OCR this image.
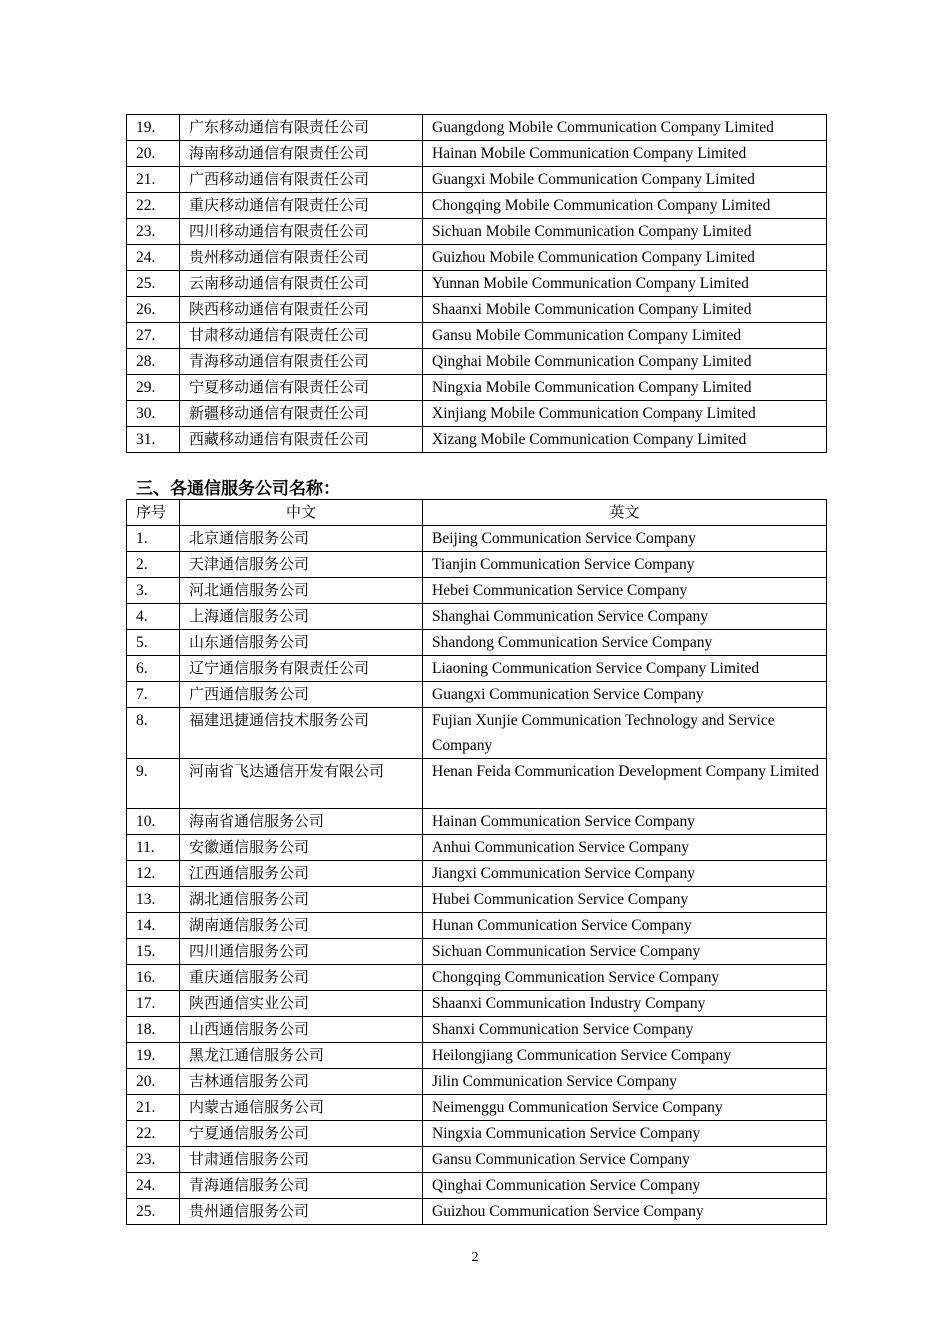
19.	广东移动通信有限责任公司	Guangdong Mobile Communication Company Limited
20.	海南移动通信有限责任公司	Hainan Mobile Communication Company Limited
21.	广西移动通信有限责任公司	Guangxi Mobile Communication Company Limited
22.	重庆移动通信有限责任公司	Chongqing Mobile Communication Company Limited
23.	四川移动通信有限责任公司	Sichuan Mobile Communication Company Limited
24.	贵州移动通信有限责任公司	Guizhou Mobile Communication Company Limited
25.	云南移动通信有限责任公司	Yunnan Mobile Communication Company Limited
26.	陕西移动通信有限责任公司	Shaanxi Mobile Communication Company Limited
27.	甘肃移动通信有限责任公司	Gansu Mobile Communication Company Limited
28.	青海移动通信有限责任公司	Qinghai Mobile Communication Company Limited
29.	宁夏移动通信有限责任公司	Ningxia Mobile Communication Company Limited
30.	新疆移动通信有限责任公司	Xinjiang Mobile Communication Company Limited
31.	西藏移动通信有限责任公司	Xizang Mobile Communication Company Limited
三、各通信服务公司名称：
序号	中文	英文
1.	北京通信服务公司	Beijing Communication Service Company
2.	天津通信服务公司	Tianjin Communication Service Company
3.	河北通信服务公司	Hebei Communication Service Company
4.	上海通信服务公司	Shanghai Communication Service Company
5.	山东通信服务公司	Shandong Communication Service Company
6.	辽宁通信服务有限责任公司	Liaoning Communication Service Company Limited
7.	广西通信服务公司	Guangxi Communication Service Company
8.	福建迅捷通信技术服务公司	Fujian Xunjie Communication Technology and Service Company
9.	河南省飞达通信开发有限公司	Henan Feida Communication Development Company Limited
10.	海南省通信服务公司	Hainan Communication Service Company
11.	安徽通信服务公司	Anhui Communication Service Company
12.	江西通信服务公司	Jiangxi Communication Service Company
13.	湖北通信服务公司	Hubei Communication Service Company
14.	湖南通信服务公司	Hunan Communication Service Company
15.	四川通信服务公司	Sichuan Communication Service Company
16.	重庆通信服务公司	Chongqing Communication Service Company
17.	陕西通信实业公司	Shaanxi Communication Industry Company
18.	山西通信服务公司	Shanxi Communication Service Company
19.	黑龙江通信服务公司	Heilongjiang Communication Service Company
20.	吉林通信服务公司	Jilin Communication Service Company
21.	内蒙古通信服务公司	Neimenggu Communication Service Company
22.	宁夏通信服务公司	Ningxia Communication Service Company
23.	甘肃通信服务公司	Gansu Communication Service Company
24.	青海通信服务公司	Qinghai Communication Service Company
25.	贵州通信服务公司	Guizhou Communication Service Company
2
